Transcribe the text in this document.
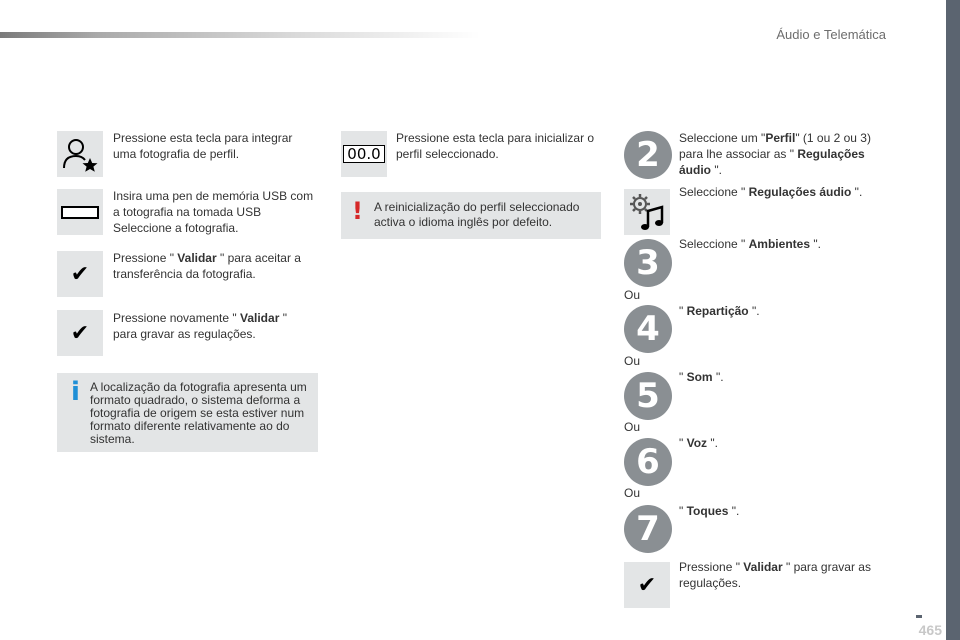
Áudio e Telemática
Pressione esta tecla para integrar uma fotografia de perfil.
Insira uma pen de memória USB com a totografia na tomada USB Seleccione a fotografia.
✔
Pressione " Validar " para aceitar a transferência da fotografia.
✔
Pressione novamente " Validar " para gravar as regulações.
i A localização da fotografia apresenta um formato quadrado, o sistema deforma a fotografia de origem se esta estiver num formato diferente relativamente ao do sistema.
00.0
Pressione esta tecla para inicializar o perfil seleccionado.
! A reinicialização do perfil seleccionado activa o idioma inglês por defeito.
2	Seleccione um "Perfil" (1 ou 2 ou 3) para lhe associar as " Regulações áudio ".
Seleccione " Regulações áudio ".
3	Seleccione " Ambientes ".
Ou
4	" Repartição ".
Ou
5	" Som ".
Ou
6	" Voz ".
Ou
7	" Toques ".
✔
Pressione " Validar " para gravar as regulações.
465
